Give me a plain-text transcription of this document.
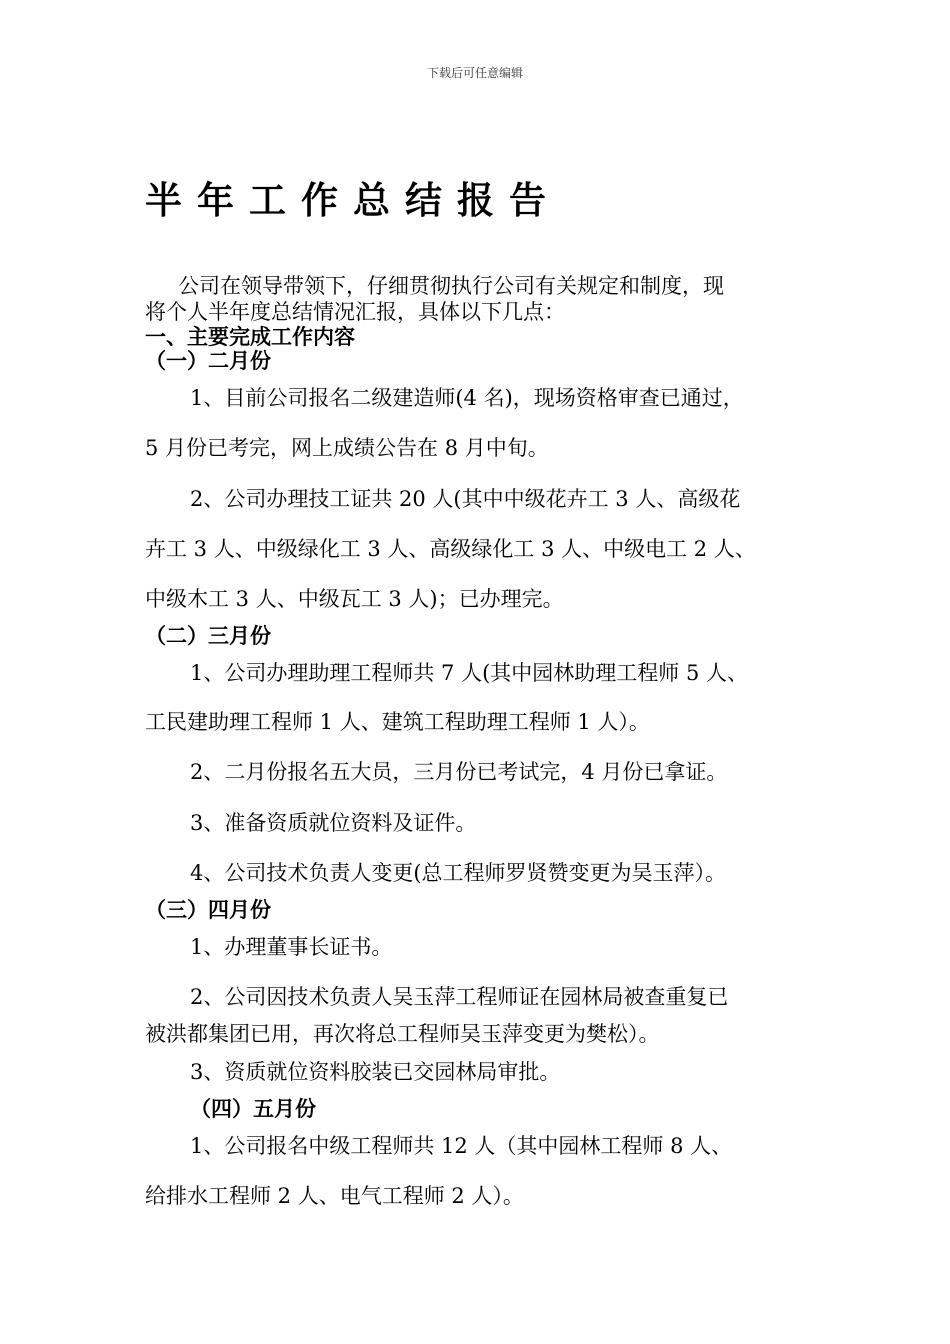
下载后可任意编辑
半年工作总结报告
公司在领导带领下，仔细贯彻执行公司有关规定和制度，现
将个人半年度总结情况汇报，具体以下几点：
一、主要完成工作内容
（一）二月份
1、目前公司报名二级建造师(4 名)，现场资格审查已通过，
5 月份已考完，网上成绩公告在 8 月中旬。
2、公司办理技工证共 20 人(其中中级花卉工 3 人、高级花
卉工 3 人、中级绿化工 3 人、高级绿化工 3 人、中级电工 2 人、
中级木工 3 人、中级瓦工 3 人)；已办理完。
（二）三月份
1、公司办理助理工程师共 7 人(其中园林助理工程师 5 人、
工民建助理工程师 1 人、建筑工程助理工程师 1 人）。
2、二月份报名五大员，三月份已考试完，4 月份已拿证。
3、准备资质就位资料及证件。
4、公司技术负责人变更(总工程师罗贤赞变更为吴玉萍）。
（三）四月份
1、办理董事长证书。
2、公司因技术负责人吴玉萍工程师证在园林局被查重复已
被洪都集团已用，再次将总工程师吴玉萍变更为樊松）。
3、资质就位资料胶装已交园林局审批。
（四）五月份
1、公司报名中级工程师共 12 人（其中园林工程师 8 人、
给排水工程师 2 人、电气工程师 2 人）。
